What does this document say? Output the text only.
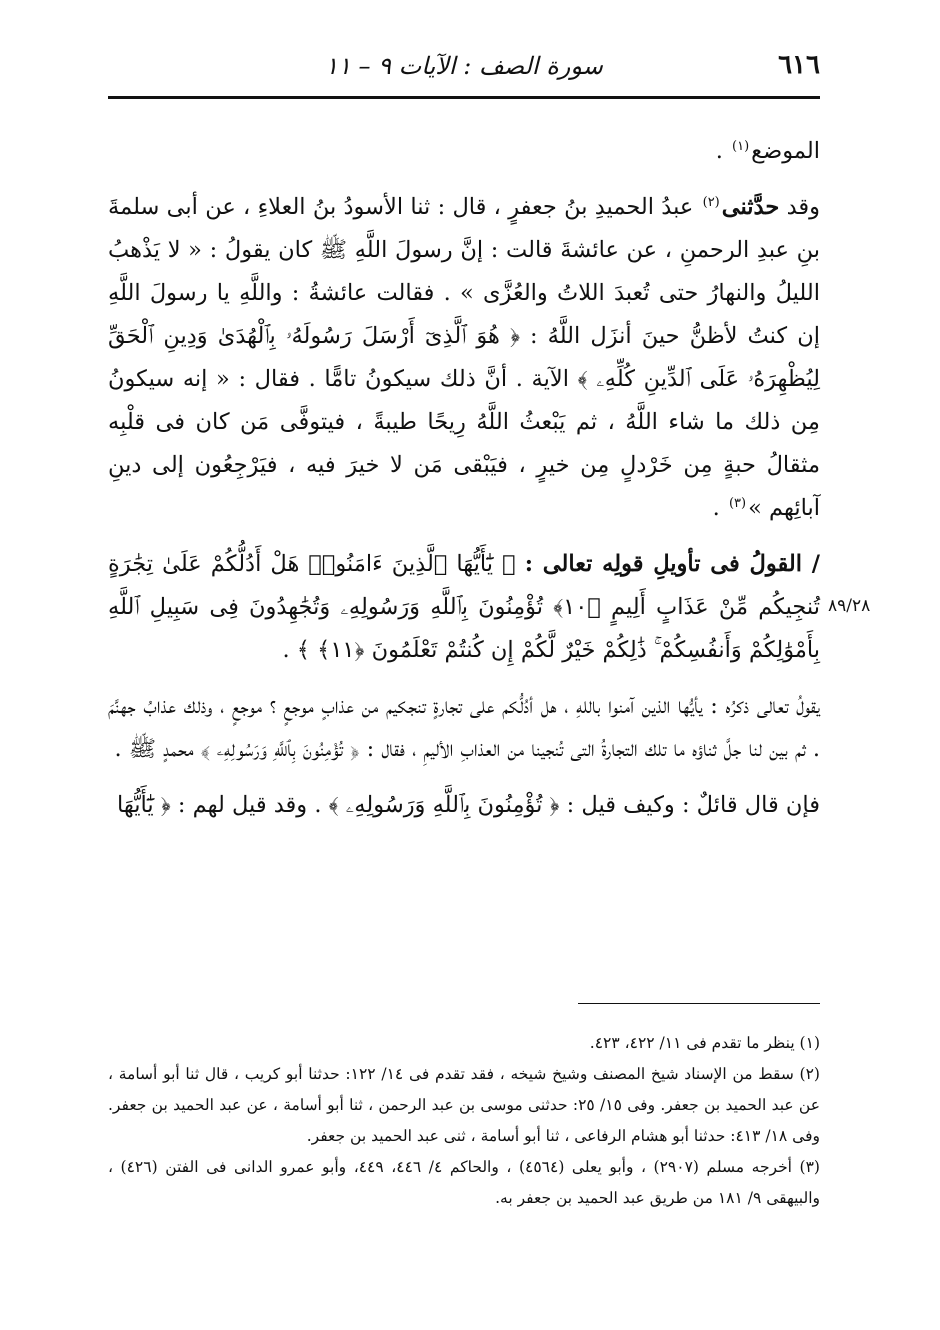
٦١٦
سورة الصف : الآيات ٩ – ١١
٨٩/٢٨

الموضع$^{(١)}$ .

وقد حدَّثنى$^{(٢)}$ عبدُ الحميدِ بنُ جعفرٍ ، قال : ثنا الأسودُ بنُ العلاءِ ، عن أبى سلمةَ بنِ عبدِ الرحمنِ ، عن عائشةَ قالت : إنَّ رسولَ اللَّهِ ﷺ كان يقولُ : « لا يَذْهبُ الليلُ والنهارُ حتى تُعبدَ اللاتُ والعُزَّى » . فقالت عائشةُ : واللَّهِ يا رسولَ اللَّهِ إن كنتُ لأظنُّ حينَ أنزَل اللَّهُ : ﴿ هُوَ ٱلَّذِىٓ أَرْسَلَ رَسُولَهُۥ بِٱلْهُدَىٰ وَدِينِ ٱلْحَقِّ لِيُظْهِرَهُۥ عَلَى ٱلدِّينِ كُلِّهِۦ ﴾ الآية . أنَّ ذلك سيكونُ تامًّا . فقال : « إنه سيكونُ مِن ذلك ما شاء اللَّهُ ، ثم يَبْعثُ اللَّهُ رِيحًا طيبةً ، فيتوفَّى مَن كان فى قلْبِه مثقالُ حبةٍ مِن خَرْدلٍ مِن خيرٍ ، فيَبْقى مَن لا خيرَ فيه ، فيَرْجِعُون إلى دينِ آبائِهم »$^{(٣)}$ .

/ القولُ فى تأويلِ قولِه تعالى : ﴿ يَٰٓأَيُّهَا ٱلَّذِينَ ءَامَنُوا۟ هَلْ أَدُلُّكُمْ عَلَىٰ تِجَٰرَةٍ تُنجِيكُم مِّنْ عَذَابٍ أَلِيمٍ ﴿١٠﴾ تُؤْمِنُونَ بِٱللَّهِ وَرَسُولِهِۦ وَتُجَٰهِدُونَ فِى سَبِيلِ ٱللَّهِ بِأَمْوَٰلِكُمْ وَأَنفُسِكُمْ ۚ ذَٰلِكُمْ خَيْرٌ لَّكُمْ إِن كُنتُمْ تَعْلَمُونَ ﴿١١﴾ ﴾ .

يقولُ تعالى ذكرُه : يأيُّها الذين آمنوا باللهِ ، هل أدُلُّكم على تجارةٍ تنجكيم من عذابٍ موجعٍ ؟ موجعٍ ، وذلك عذابُ جهنَّمَ . ثم بين لنا جلَّ ثناؤه ما تلك التجارةُ التى تُنجينا من العذابِ الأليمِ ، فقال : ﴿ تُؤْمِنُونَ بِٱللَّهِ وَرَسُولِهِۦ ﴾ محمدٍ ﷺ .

فإن قال قائلٌ : وكيف قيل : ﴿ تُؤْمِنُونَ بِٱللَّهِ وَرَسُولِهِۦ ﴾ . وقد قيل لهم : ﴿ يَٰٓأَيُّهَا

(١) ينظر ما تقدم فى ١١/ ٤٢٢، ٤٢٣.

(٢) سقط من الإسناد شيخ المصنف وشيخ شيخه ، فقد تقدم فى ١٤/ ١٢٢: حدثنا أبو كريب ، قال ثنا أبو أسامة ، عن عبد الحميد بن جعفر. وفى ١٥/ ٢٥: حدثنى موسى بن عبد الرحمن ، ثنا أبو أسامة ، عن عبد الحميد بن جعفر. وفى ١٨/ ٤١٣: حدثنا أبو هشام الرفاعى ، ثنا أبو أسامة ، ثنى عبد الحميد بن جعفر.

(٣) أخرجه مسلم (٢٩٠٧) ، وأبو يعلى (٤٥٦٤) ، والحاكم ٤/ ٤٤٦، ٤٤٩، وأبو عمرو الدانى فى الفتن (٤٢٦) ، والبيهقى ٩/ ١٨١ من طريق عبد الحميد بن جعفر به.
